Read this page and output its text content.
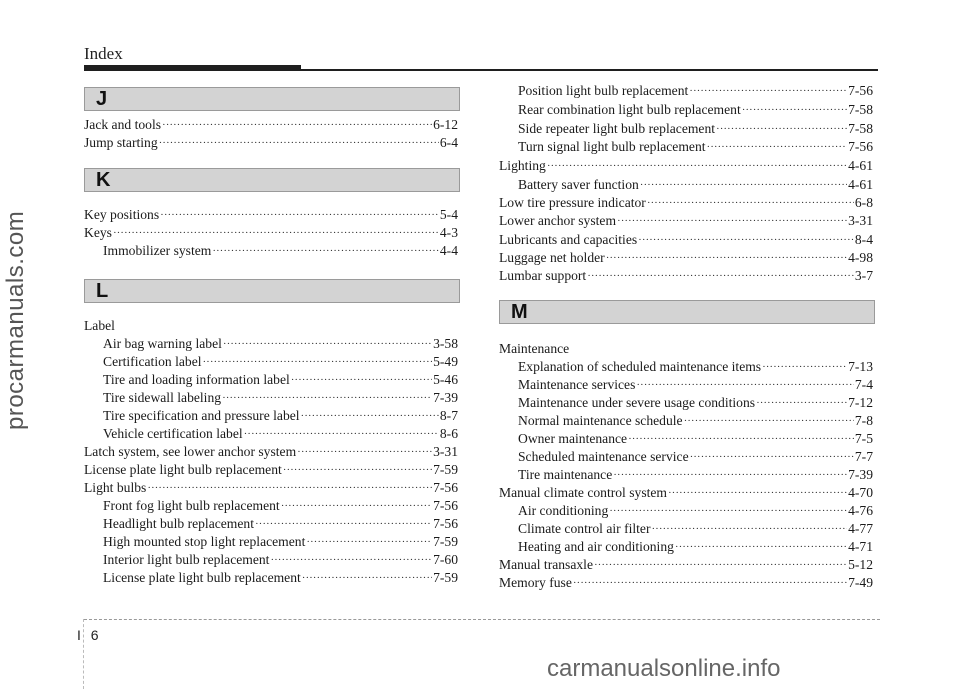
Index
procarmanuals.com
carmanualsonline.info
J
Jack and tools ·····	6-12
Jump starting ·····	6-4
K
Key positions ·····	5-4
Keys ·····	4-3
Immobilizer system ·····	4-4
L
Label
Air bag warning label ·····	3-58
Certification label ·····	5-49
Tire and loading information label ·····	5-46
Tire sidewall labeling ·····	7-39
Tire specification and pressure label ·····	8-7
Vehicle certification label ·····	8-6
Latch system, see lower anchor system ·····	3-31
License plate light bulb replacement ·····	7-59
Light bulbs ·····	7-56
Front fog light bulb replacement ·····	7-56
Headlight bulb replacement ·····	7-56
High mounted stop light replacement ·····	7-59
Interior light bulb replacement ·····	7-60
License plate light bulb replacement ·····	7-59
Position light bulb replacement ·····	7-56
Rear combination light bulb replacement ·····	7-58
Side repeater light bulb replacement ·····	7-58
Turn signal light bulb replacement ·····	7-56
Lighting ·····	4-61
Battery saver function ·····	4-61
Low tire pressure indicator ·····	6-8
Lower anchor system ·····	3-31
Lubricants and capacities ·····	8-4
Luggage net holder ·····	4-98
Lumbar support ·····	3-7
M
Maintenance
Explanation of scheduled maintenance items ·····	7-13
Maintenance services ·····	7-4
Maintenance under severe usage conditions ·····	7-12
Normal maintenance schedule ·····	7-8
Owner maintenance ·····	7-5
Scheduled maintenance service ·····	7-7
Tire maintenance ·····	7-39
Manual climate control system ·····	4-70
Air conditioning ·····	4-76
Climate control air filter ·····	4-77
Heating and air conditioning ·····	4-71
Manual transaxle ·····	5-12
Memory fuse ·····	7-49
I 6
